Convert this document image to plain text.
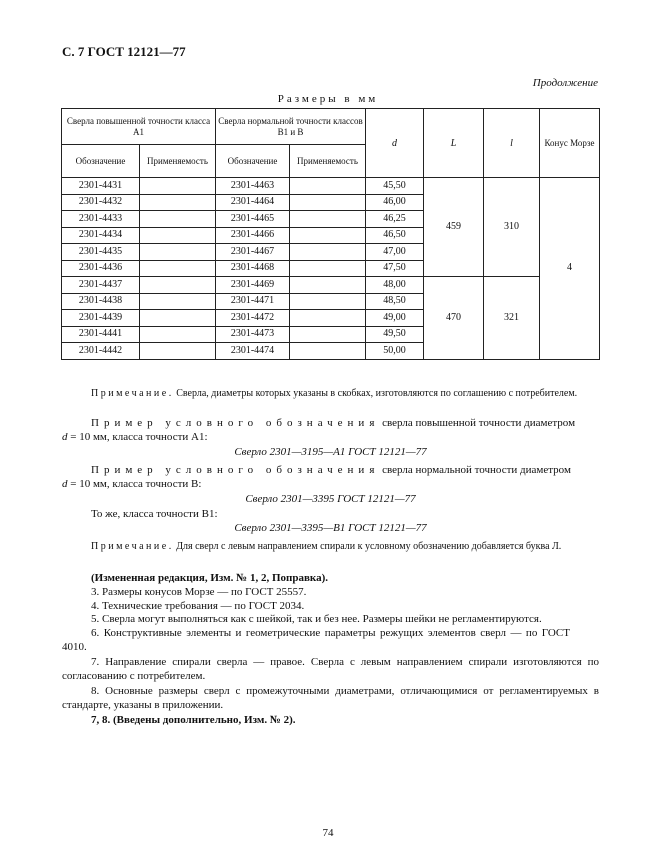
С. 7 ГОСТ 12121—77
Продолжение
Размеры в мм
Сверла повышенной точности класса А1		Сверла нормальной точности классов В1 и В		d	L	l	Конус Морзе
Обозначение	Применяемость	Обозначение	Применяемость				
2301-4431		2301-4463		45,50	459	310	4
2301-4432		2301-4464		46,00			
2301-4433		2301-4465		46,25			
2301-4434		2301-4466		46,50			
2301-4435		2301-4467		47,00			
2301-4436		2301-4468		47,50			
2301-4437		2301-4469		48,00	470	321	
2301-4438		2301-4471		48,50			
2301-4439		2301-4472		49,00			
2301-4441		2301-4473		49,50			
2301-4442		2301-4474		50,00			
Примечание. Сверла, диаметры которых указаны в скобках, изготовляются по соглашению с потребителем.
Пример условного обозначения сверла повышенной точности диаметром
d = 10 мм, класса точности А1:
Сверло 2301—3195—А1 ГОСТ 12121—77
Пример условного обозначения сверла нормальной точности диаметром
d = 10 мм, класса точности В:
Сверло 2301—3395 ГОСТ 12121—77
То же, класса точности В1:
Сверло 2301—3395—В1 ГОСТ 12121—77
Примечание. Для сверл с левым направлением спирали к условному обозначению добавляется буква Л.
(Измененная редакция, Изм. № 1, 2, Поправка).
3. Размеры конусов Морзе — по ГОСТ 25557.
4. Технические требования — по ГОСТ 2034.
5. Сверла могут выполняться как с шейкой, так и без нее. Размеры шейки не регламентируются.
6. Конструктивные элементы и геометрические параметры режущих элементов сверл — по ГОСТ 4010.
7. Направление спирали сверла — правое. Сверла с левым направлением спирали изготовляются по согласованию с потребителем.
8. Основные размеры сверл с промежуточными диаметрами, отличающимися от регламентируемых в стандарте, указаны в приложении.
7, 8. (Введены дополнительно, Изм. № 2).
74
